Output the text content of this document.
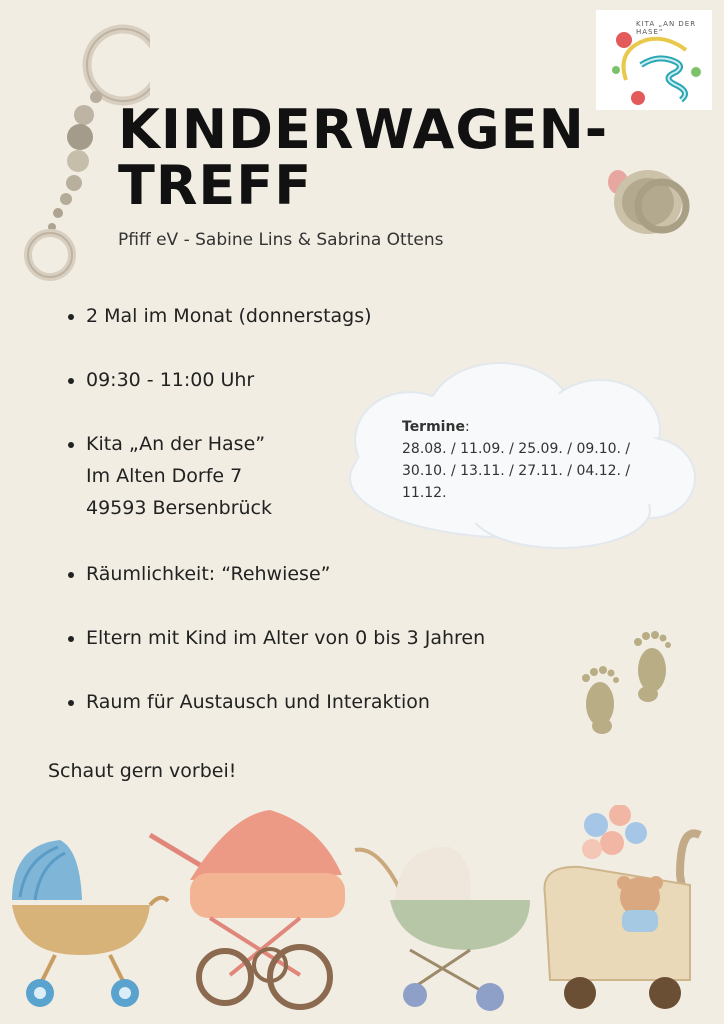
KITA „AN DER HASE“
KINDERWAGEN-
TREFF
Pfiff eV - Sabine Lins & Sabrina Ottens
Termine:
28.08. / 11.09. / 25.09. / 09.10. /
30.10. / 13.11. / 27.11. / 04.12. /
11.12.
2 Mal im Monat (donnerstags)
09:30 - 11:00 Uhr
Kita „An der Hase”
Im Alten Dorfe 7
49593 Bersenbrück
Räumlichkeit: “Rehwiese”
Eltern mit Kind im Alter von 0 bis 3 Jahren
Raum für Austausch und Interaktion
Schaut gern vorbei!
